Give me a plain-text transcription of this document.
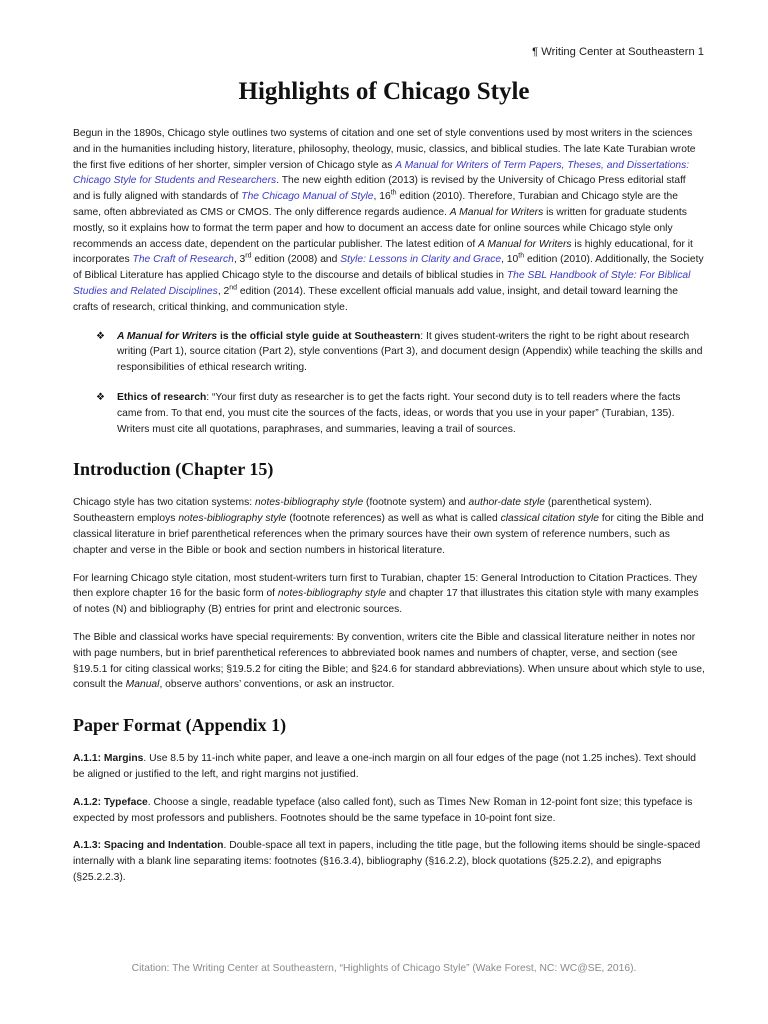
¶ Writing Center at Southeastern 1
Highlights of Chicago Style

Begun in the 1890s, Chicago style outlines two systems of citation and one set of style conventions used by most writers in the sciences and in the humanities including history, literature, philosophy, theology, music, classics, and biblical studies. The late Kate Turabian wrote the first five editions of her shorter, simpler version of Chicago style as A Manual for Writers of Term Papers, Theses, and Dissertations: Chicago Style for Students and Researchers. The new eighth edition (2013) is revised by the University of Chicago Press editorial staff and is fully aligned with standards of The Chicago Manual of Style, 16th edition (2010). Therefore, Turabian and Chicago style are the same, often abbreviated as CMS or CMOS. The only difference regards audience. A Manual for Writers is written for graduate students mostly, so it explains how to format the term paper and how to document an access date for online sources while Chicago style only recommends an access date, dependent on the particular publisher. The latest edition of A Manual for Writers is highly educational, for it incorporates The Craft of Research, 3rd edition (2008) and Style: Lessons in Clarity and Grace, 10th edition (2010). Additionally, the Society of Biblical Literature has applied Chicago style to the discourse and details of biblical studies in The SBL Handbook of Style: For Biblical Studies and Related Disciplines, 2nd edition (2014). These excellent official manuals add value, insight, and detail toward learning the crafts of research, critical thinking, and communication style.

❖ A Manual for Writers is the official style guide at Southeastern: It gives student-writers the right to be right about research writing (Part 1), source citation (Part 2), style conventions (Part 3), and document design (Appendix) while teaching the skills and responsibilities of ethical research writing.
❖ Ethics of research: “Your first duty as researcher is to get the facts right. Your second duty is to tell readers where the facts came from. To that end, you must cite the sources of the facts, ideas, or words that you use in your paper” (Turabian, 135). Writers must cite all quotations, paraphrases, and summaries, leaving a trail of sources.
Introduction (Chapter 15)

Chicago style has two citation systems: notes-bibliography style (footnote system) and author-date style (parenthetical system). Southeastern employs notes-bibliography style (footnote references) as well as what is called classical citation style for citing the Bible and classical literature in brief parenthetical references when the primary sources have their own system of reference numbers, such as chapter and verse in the Bible or book and section numbers in historical literature.

For learning Chicago style citation, most student-writers turn first to Turabian, chapter 15: General Introduction to Citation Practices. They then explore chapter 16 for the basic form of notes-bibliography style and chapter 17 that illustrates this citation style with many examples of notes (N) and bibliography (B) entries for print and electronic sources.

The Bible and classical works have special requirements: By convention, writers cite the Bible and classical literature neither in notes nor with page numbers, but in brief parenthetical references to abbreviated book names and numbers of chapter, verse, and section (see §19.5.1 for citing classical works; §19.5.2 for citing the Bible; and §24.6 for standard abbreviations). When unsure about which style to use, consult the Manual, observe authors’ conventions, or ask an instructor.

Paper Format (Appendix 1)

A.1.1: Margins. Use 8.5 by 11-inch white paper, and leave a one-inch margin on all four edges of the page (not 1.25 inches). Text should be aligned or justified to the left, and right margins not justified.

A.1.2: Typeface. Choose a single, readable typeface (also called font), such as Times New Roman in 12-point font size; this typeface is expected by most professors and publishers. Footnotes should be the same typeface in 10-point font size.

A.1.3: Spacing and Indentation. Double-space all text in papers, including the title page, but the following items should be single-spaced internally with a blank line separating items: footnotes (§16.3.4), bibliography (§16.2.2), block quotations (§25.2.2), and epigraphs (§25.2.2.3).

Citation: The Writing Center at Southeastern, “Highlights of Chicago Style” (Wake Forest, NC: WC@SE, 2016).
